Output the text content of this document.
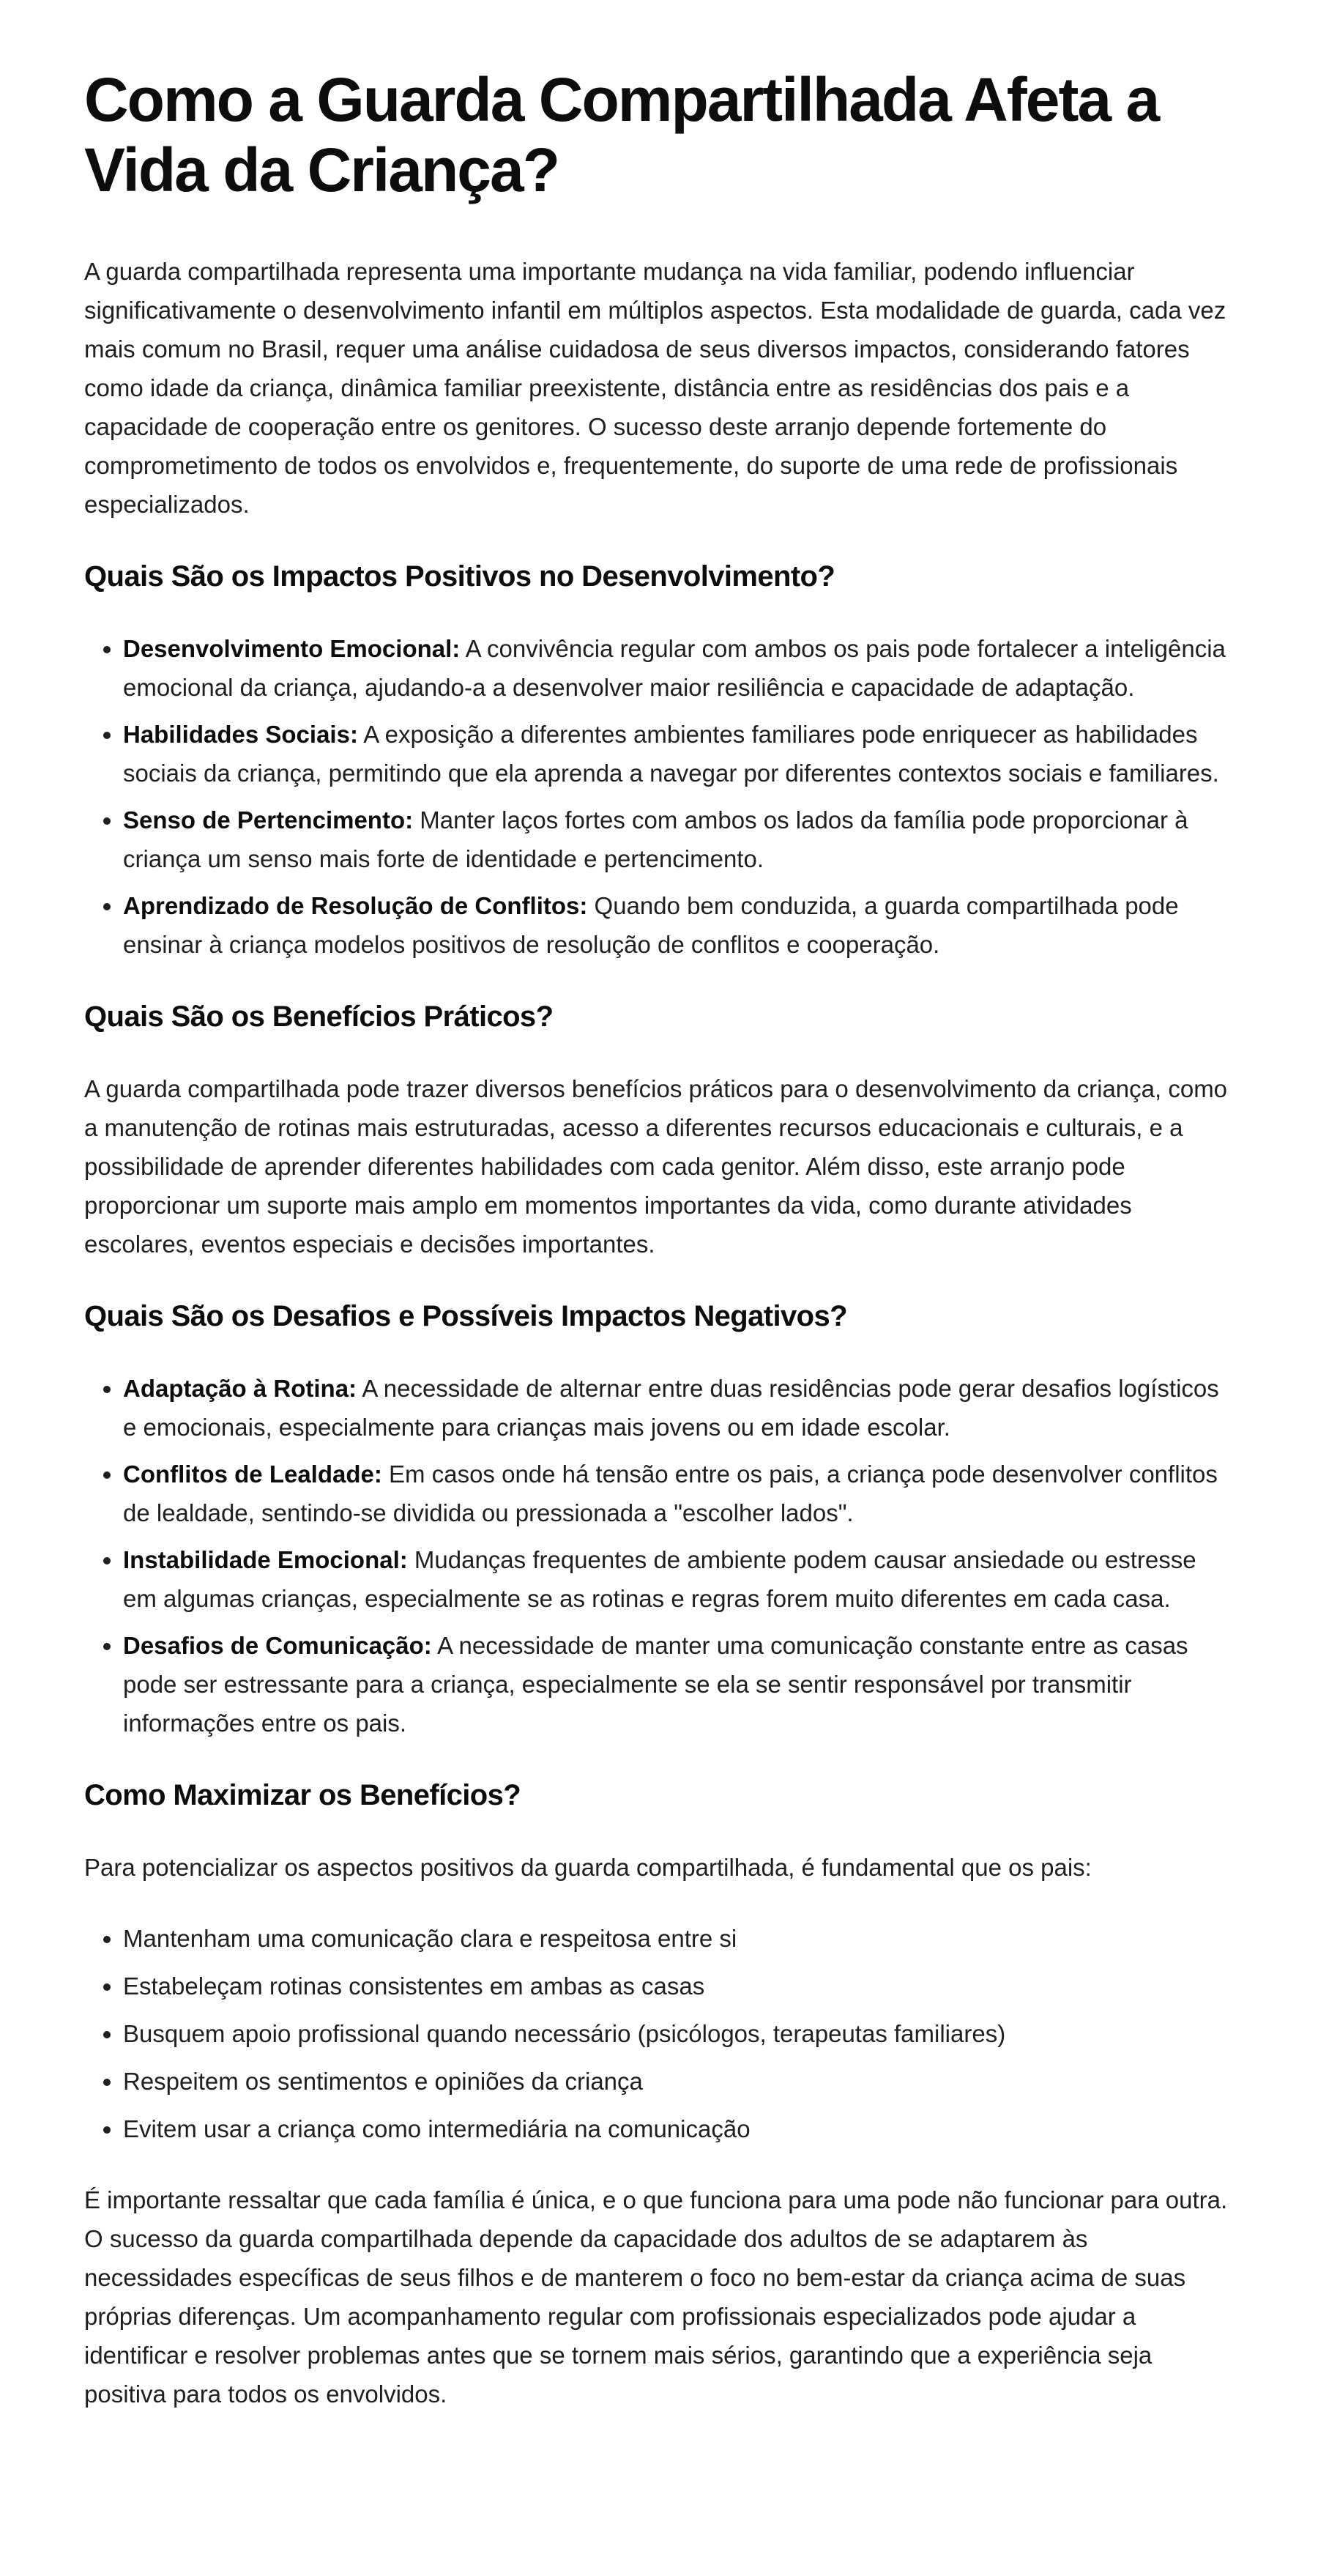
Como a Guarda Compartilhada Afeta a Vida da Criança?

A guarda compartilhada representa uma importante mudança na vida familiar, podendo influenciar significativamente o desenvolvimento infantil em múltiplos aspectos. Esta modalidade de guarda, cada vez mais comum no Brasil, requer uma análise cuidadosa de seus diversos impactos, considerando fatores como idade da criança, dinâmica familiar preexistente, distância entre as residências dos pais e a capacidade de cooperação entre os genitores. O sucesso deste arranjo depende fortemente do comprometimento de todos os envolvidos e, frequentemente, do suporte de uma rede de profissionais especializados.

Quais São os Impactos Positivos no Desenvolvimento?
• Desenvolvimento Emocional: A convivência regular com ambos os pais pode fortalecer a inteligência emocional da criança, ajudando-a a desenvolver maior resiliência e capacidade de adaptação.
• Habilidades Sociais: A exposição a diferentes ambientes familiares pode enriquecer as habilidades sociais da criança, permitindo que ela aprenda a navegar por diferentes contextos sociais e familiares.
• Senso de Pertencimento: Manter laços fortes com ambos os lados da família pode proporcionar à criança um senso mais forte de identidade e pertencimento.
• Aprendizado de Resolução de Conflitos: Quando bem conduzida, a guarda compartilhada pode ensinar à criança modelos positivos de resolução de conflitos e cooperação.
Quais São os Benefícios Práticos?

A guarda compartilhada pode trazer diversos benefícios práticos para o desenvolvimento da criança, como a manutenção de rotinas mais estruturadas, acesso a diferentes recursos educacionais e culturais, e a possibilidade de aprender diferentes habilidades com cada genitor. Além disso, este arranjo pode proporcionar um suporte mais amplo em momentos importantes da vida, como durante atividades escolares, eventos especiais e decisões importantes.

Quais São os Desafios e Possíveis Impactos Negativos?
• Adaptação à Rotina: A necessidade de alternar entre duas residências pode gerar desafios logísticos e emocionais, especialmente para crianças mais jovens ou em idade escolar.
• Conflitos de Lealdade: Em casos onde há tensão entre os pais, a criança pode desenvolver conflitos de lealdade, sentindo-se dividida ou pressionada a "escolher lados".
• Instabilidade Emocional: Mudanças frequentes de ambiente podem causar ansiedade ou estresse em algumas crianças, especialmente se as rotinas e regras forem muito diferentes em cada casa.
• Desafios de Comunicação: A necessidade de manter uma comunicação constante entre as casas pode ser estressante para a criança, especialmente se ela se sentir responsável por transmitir informações entre os pais.
Como Maximizar os Benefícios?

Para potencializar os aspectos positivos da guarda compartilhada, é fundamental que os pais:

• Mantenham uma comunicação clara e respeitosa entre si
• Estabeleçam rotinas consistentes em ambas as casas
• Busquem apoio profissional quando necessário (psicólogos, terapeutas familiares)
• Respeitem os sentimentos e opiniões da criança
• Evitem usar a criança como intermediária na comunicação

É importante ressaltar que cada família é única, e o que funciona para uma pode não funcionar para outra. O sucesso da guarda compartilhada depende da capacidade dos adultos de se adaptarem às necessidades específicas de seus filhos e de manterem o foco no bem-estar da criança acima de suas próprias diferenças. Um acompanhamento regular com profissionais especializados pode ajudar a identificar e resolver problemas antes que se tornem mais sérios, garantindo que a experiência seja positiva para todos os envolvidos.
